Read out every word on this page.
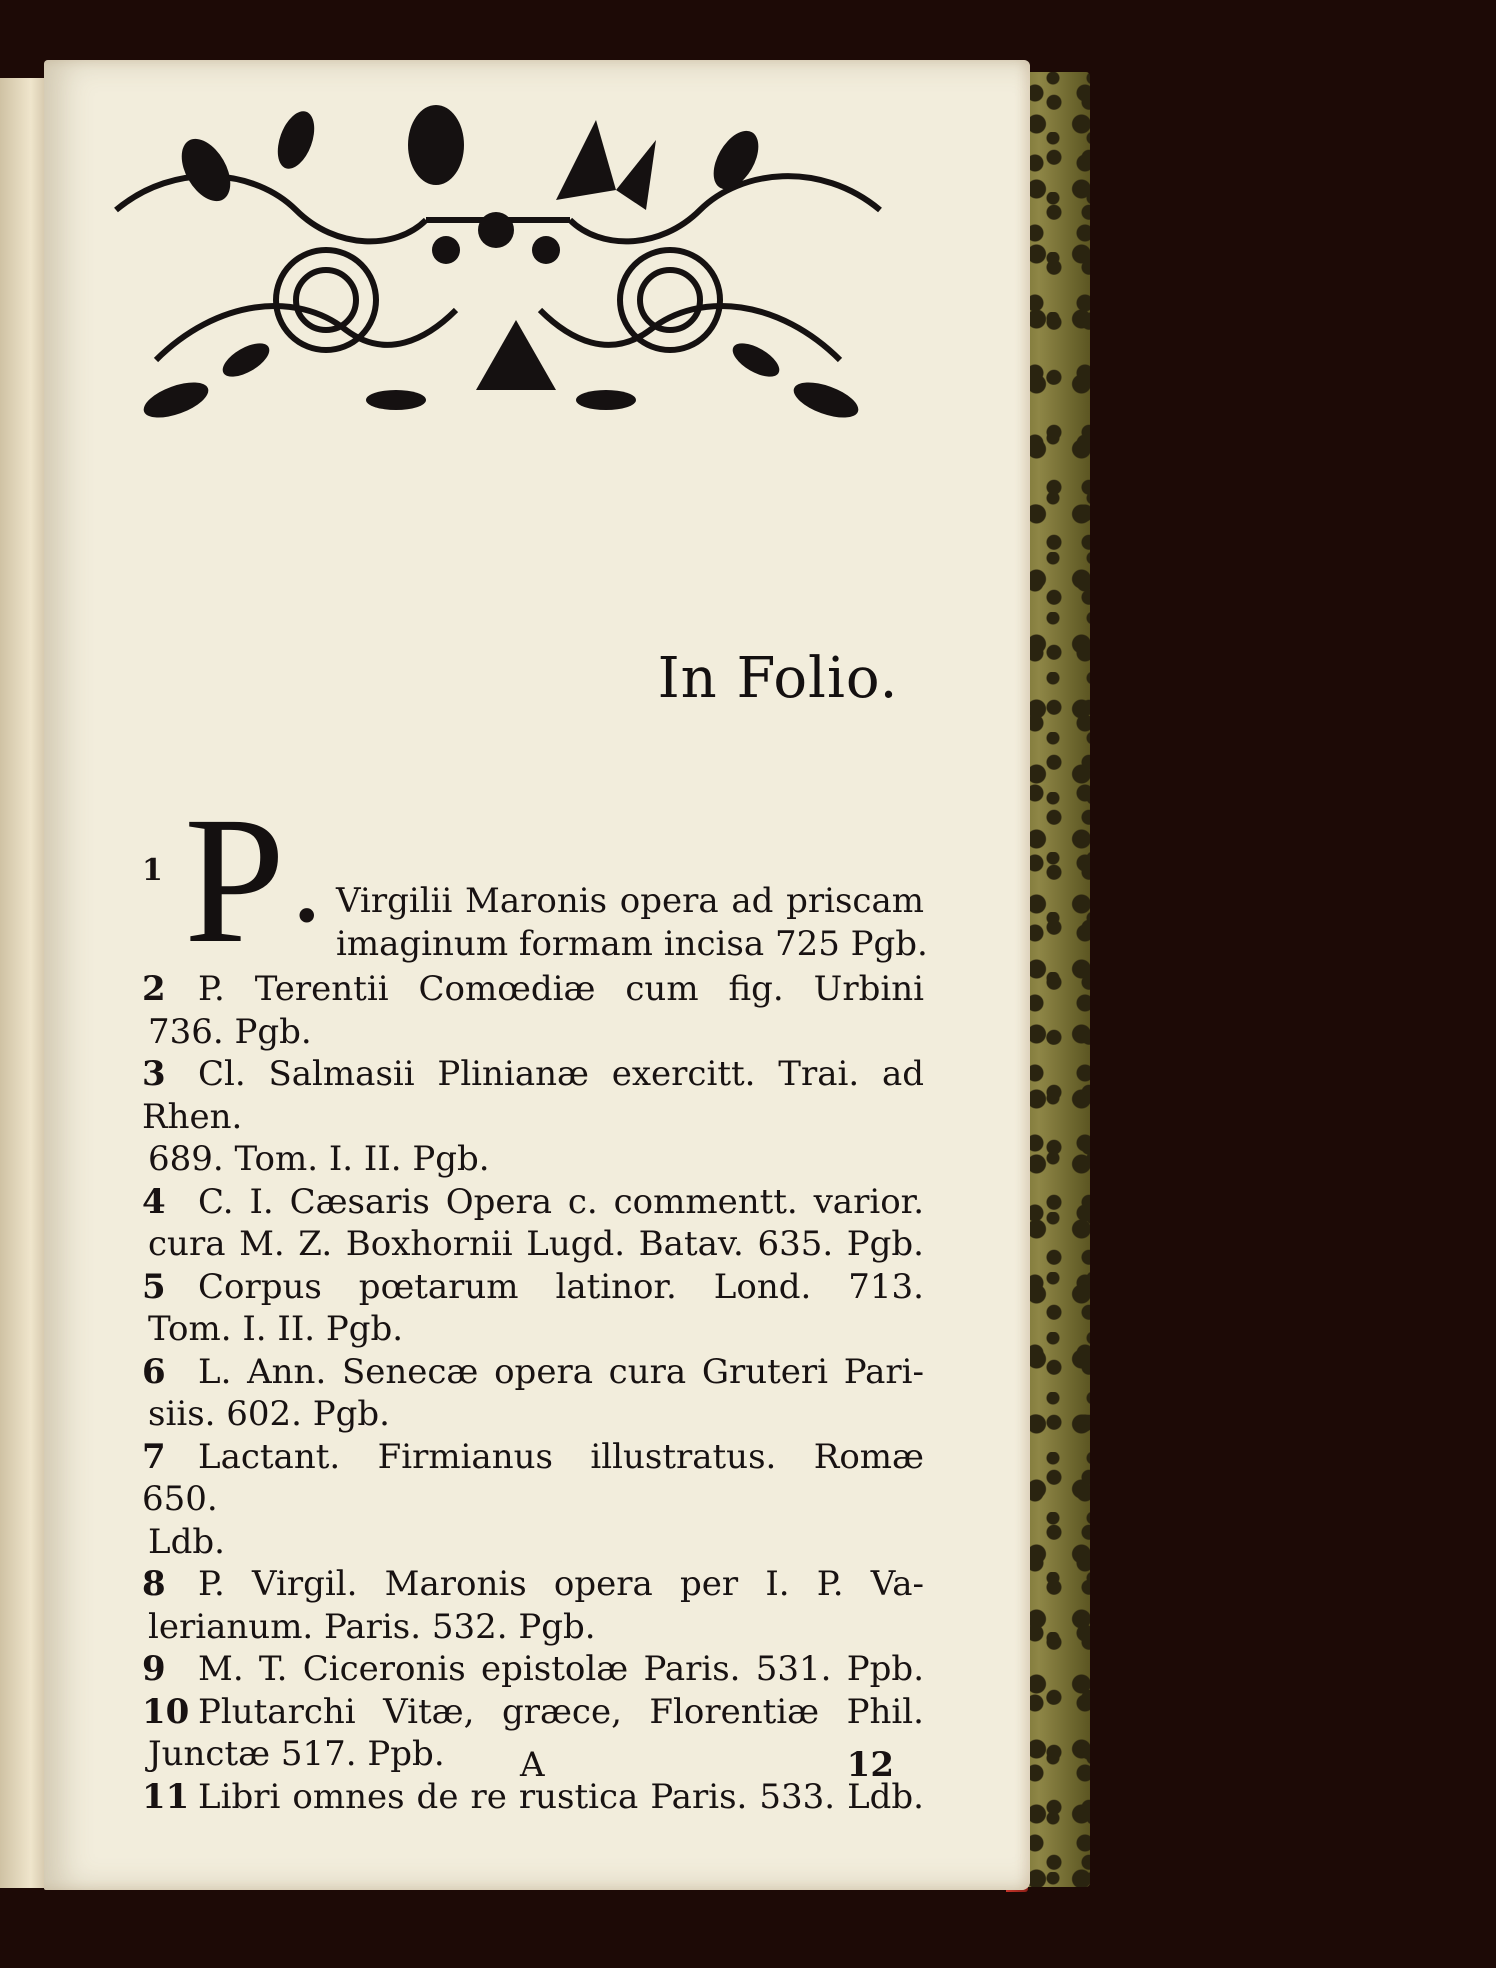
In Folio.
1 P • Virgilii Maronis opera ad priscam
imaginum formam incisa 725 Pgb.
2 P. Terentii Comœdiæ cum fig. Urbini
736. Pgb.
3 Cl. Salmasii Plinianæ exercitt. Trai. ad Rhen.
689. Tom. I. II. Pgb.
4 C. I. Cæsaris Opera c. commentt. varior.
cura M. Z. Boxhornii Lugd. Batav. 635. Pgb.
5 Corpus pœtarum latinor. Lond. 713.
Tom. I. II. Pgb.
6 L. Ann. Senecæ opera cura Gruteri Pari-
siis. 602. Pgb.
7 Lactant. Firmianus illustratus. Romæ 650.
Ldb.
8 P. Virgil. Maronis opera per I. P. Va-
lerianum. Paris. 532. Pgb.
9 M. T. Ciceronis epistolæ Paris. 531. Ppb.
10 Plutarchi Vitæ, græce, Florentiæ Phil.
Junctæ 517. Ppb.
11 Libri omnes de re rustica Paris. 533. Ldb.
A	12
